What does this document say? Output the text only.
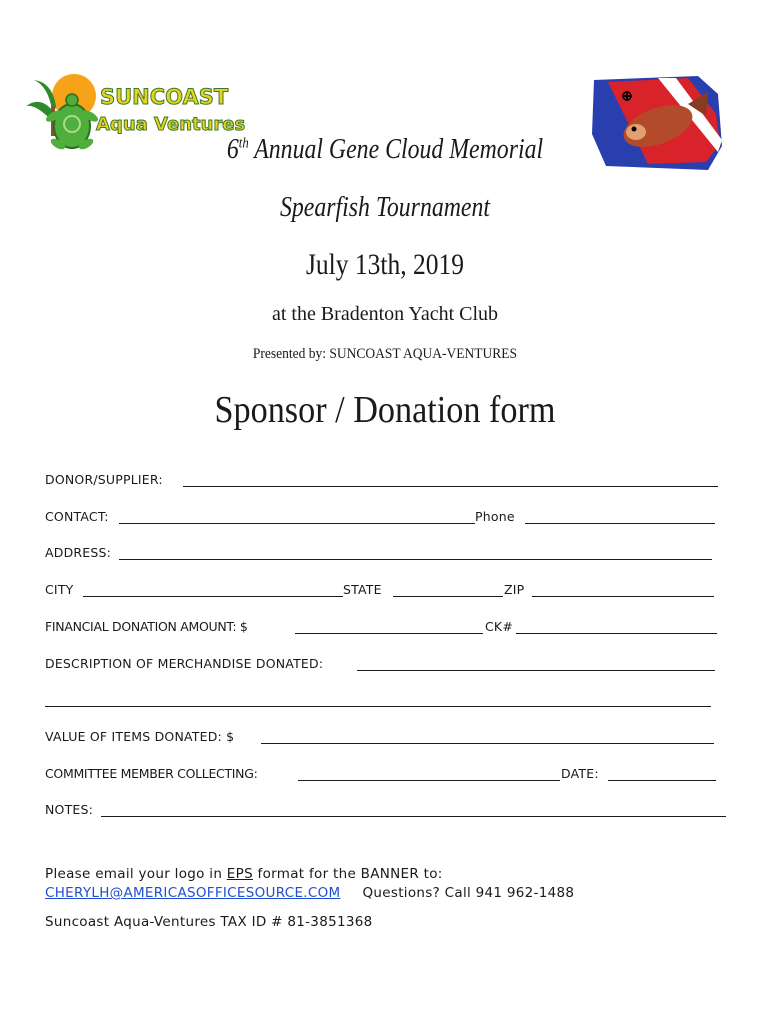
SUNCOAST
Aqua Ventures
6th Annual Gene Cloud Memorial
Spearfish Tournament
July 13th, 2019
at the Bradenton Yacht Club
Presented by: SUNCOAST AQUA-VENTURES
Sponsor / Donation form
DONOR/SUPPLIER:
CONTACT:	Phone
ADDRESS:
CITY	STATE	ZIP
FINANCIAL DONATION AMOUNT: $	CK#
DESCRIPTION OF MERCHANDISE DONATED:
VALUE OF ITEMS DONATED: $
COMMITTEE MEMBER COLLECTING:	DATE:
NOTES:
Please email your logo in EPS format for the BANNER to:
CHERYLH@AMERICASOFFICESOURCE.COM Questions? Call 941 962-1488
Suncoast Aqua-Ventures TAX ID # 81-3851368
